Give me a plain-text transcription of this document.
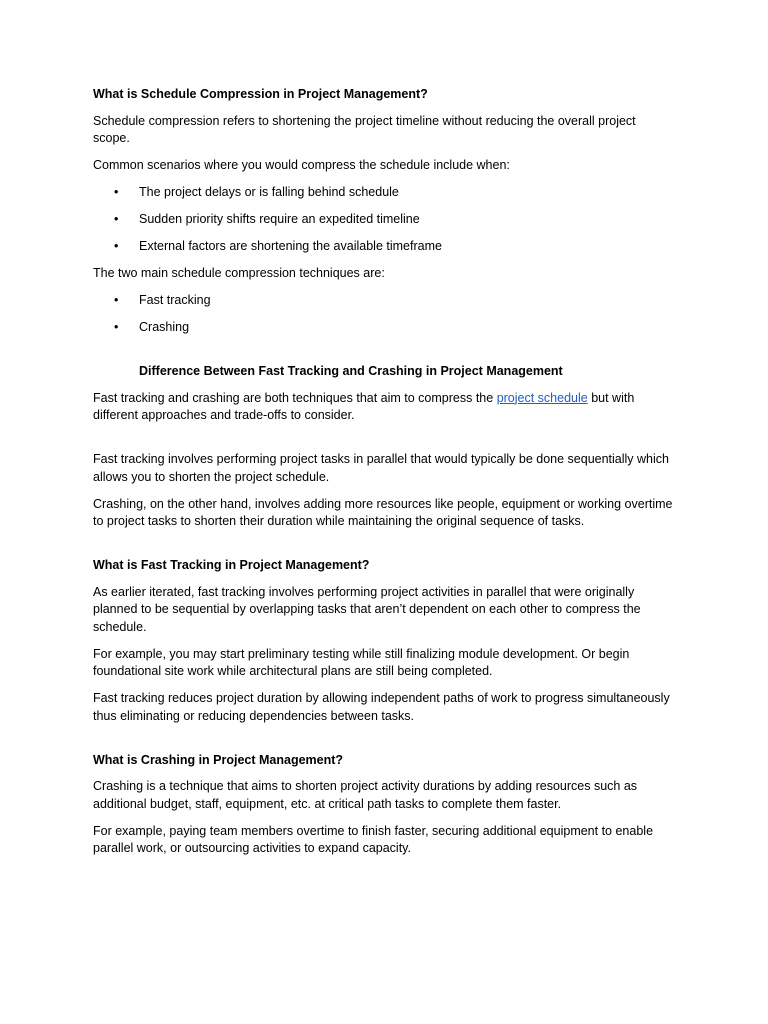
What is Schedule Compression in Project Management?
Schedule compression refers to shortening the project timeline without reducing the overall project scope.
Common scenarios where you would compress the schedule include when:
• The project delays or is falling behind schedule
• Sudden priority shifts require an expedited timeline
• External factors are shortening the available timeframe
The two main schedule compression techniques are:
• Fast tracking
• Crashing
Difference Between Fast Tracking and Crashing in Project Management
Fast tracking and crashing are both techniques that aim to compress the project schedule but with different approaches and trade-offs to consider.
Fast tracking involves performing project tasks in parallel that would typically be done sequentially which allows you to shorten the project schedule.
Crashing, on the other hand, involves adding more resources like people, equipment or working overtime to project tasks to shorten their duration while maintaining the original sequence of tasks.
What is Fast Tracking in Project Management?
As earlier iterated, fast tracking involves performing project activities in parallel that were originally planned to be sequential by overlapping tasks that aren’t dependent on each other to compress the schedule.
For example, you may start preliminary testing while still finalizing module development. Or begin foundational site work while architectural plans are still being completed.
Fast tracking reduces project duration by allowing independent paths of work to progress simultaneously thus eliminating or reducing dependencies between tasks.
What is Crashing in Project Management?
Crashing is a technique that aims to shorten project activity durations by adding resources such as additional budget, staff, equipment, etc. at critical path tasks to complete them faster.
For example, paying team members overtime to finish faster, securing additional equipment to enable parallel work, or outsourcing activities to expand capacity.
